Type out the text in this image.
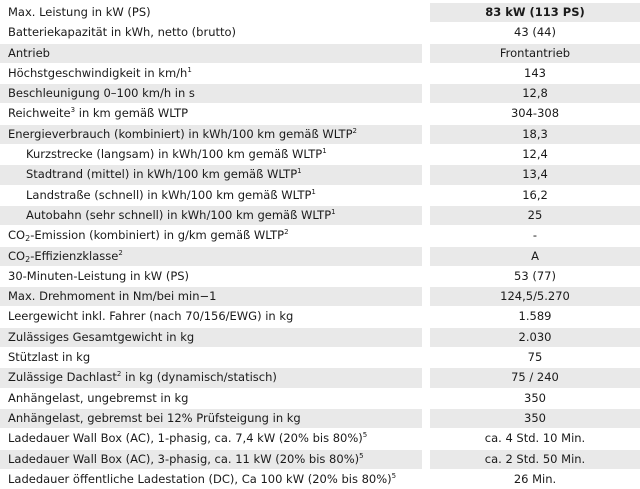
Max. Leistung in kW (PS)	83 kW (113 PS)
Batteriekapazität in kWh, netto (brutto)	43 (44)
Antrieb	Frontantrieb
Höchstgeschwindigkeit in $km/h^1$	143
Beschleunigung 0–100 km/h in s	12,8
Reichweite$^3$ in km gemäß WLTP	304-308
Energieverbrauch (kombiniert) in kWh/100 km gemäß WLTP$^2$	18,3
Kurzstrecke (langsam) in kWh/100 km gemäß WLTP$^1$	12,4
Stadtrand (mittel) in kWh/100 km gemäß WLTP$^1$	13,4
Landstraße (schnell) in kWh/100 km gemäß WLTP$^1$	16,2
Autobahn (sehr schnell) in kWh/100 km gemäß WLTP$^1$	25
$CO_2$-Emission (kombiniert) in g/km gemäß WLTP$^2$	-
$CO_2-Effizienzklasse^2$	A
30-Minuten-Leistung in kW (PS)	53 (77)
Max. Drehmoment in Nm/bei min−1	124,5/5.270
Leergewicht inkl. Fahrer (nach 70/156/EWG) in kg	1.589
Zulässiges Gesamtgewicht in kg	2.030
Stützlast in kg	75
Zulässige Dachlast$^2$ in kg (dynamisch/statisch)	75 / 240
Anhängelast, ungebremst in kg	350
Anhängelast, gebremst bei 12% Prüfsteigung in kg	350
Ladedauer Wall Box (AC), 1-phasig, ca. 7,4 kW (20% bis 80%)$^5$	ca. 4 Std. 10 Min.
Ladedauer Wall Box (AC), 3-phasig, ca. 11 kW (20% bis 80%)$^5$	ca. 2 Std. 50 Min.
Ladedauer öffentliche Ladestation (DC), Ca 100 kW (20% bis 80%)$^5$	26 Min.
